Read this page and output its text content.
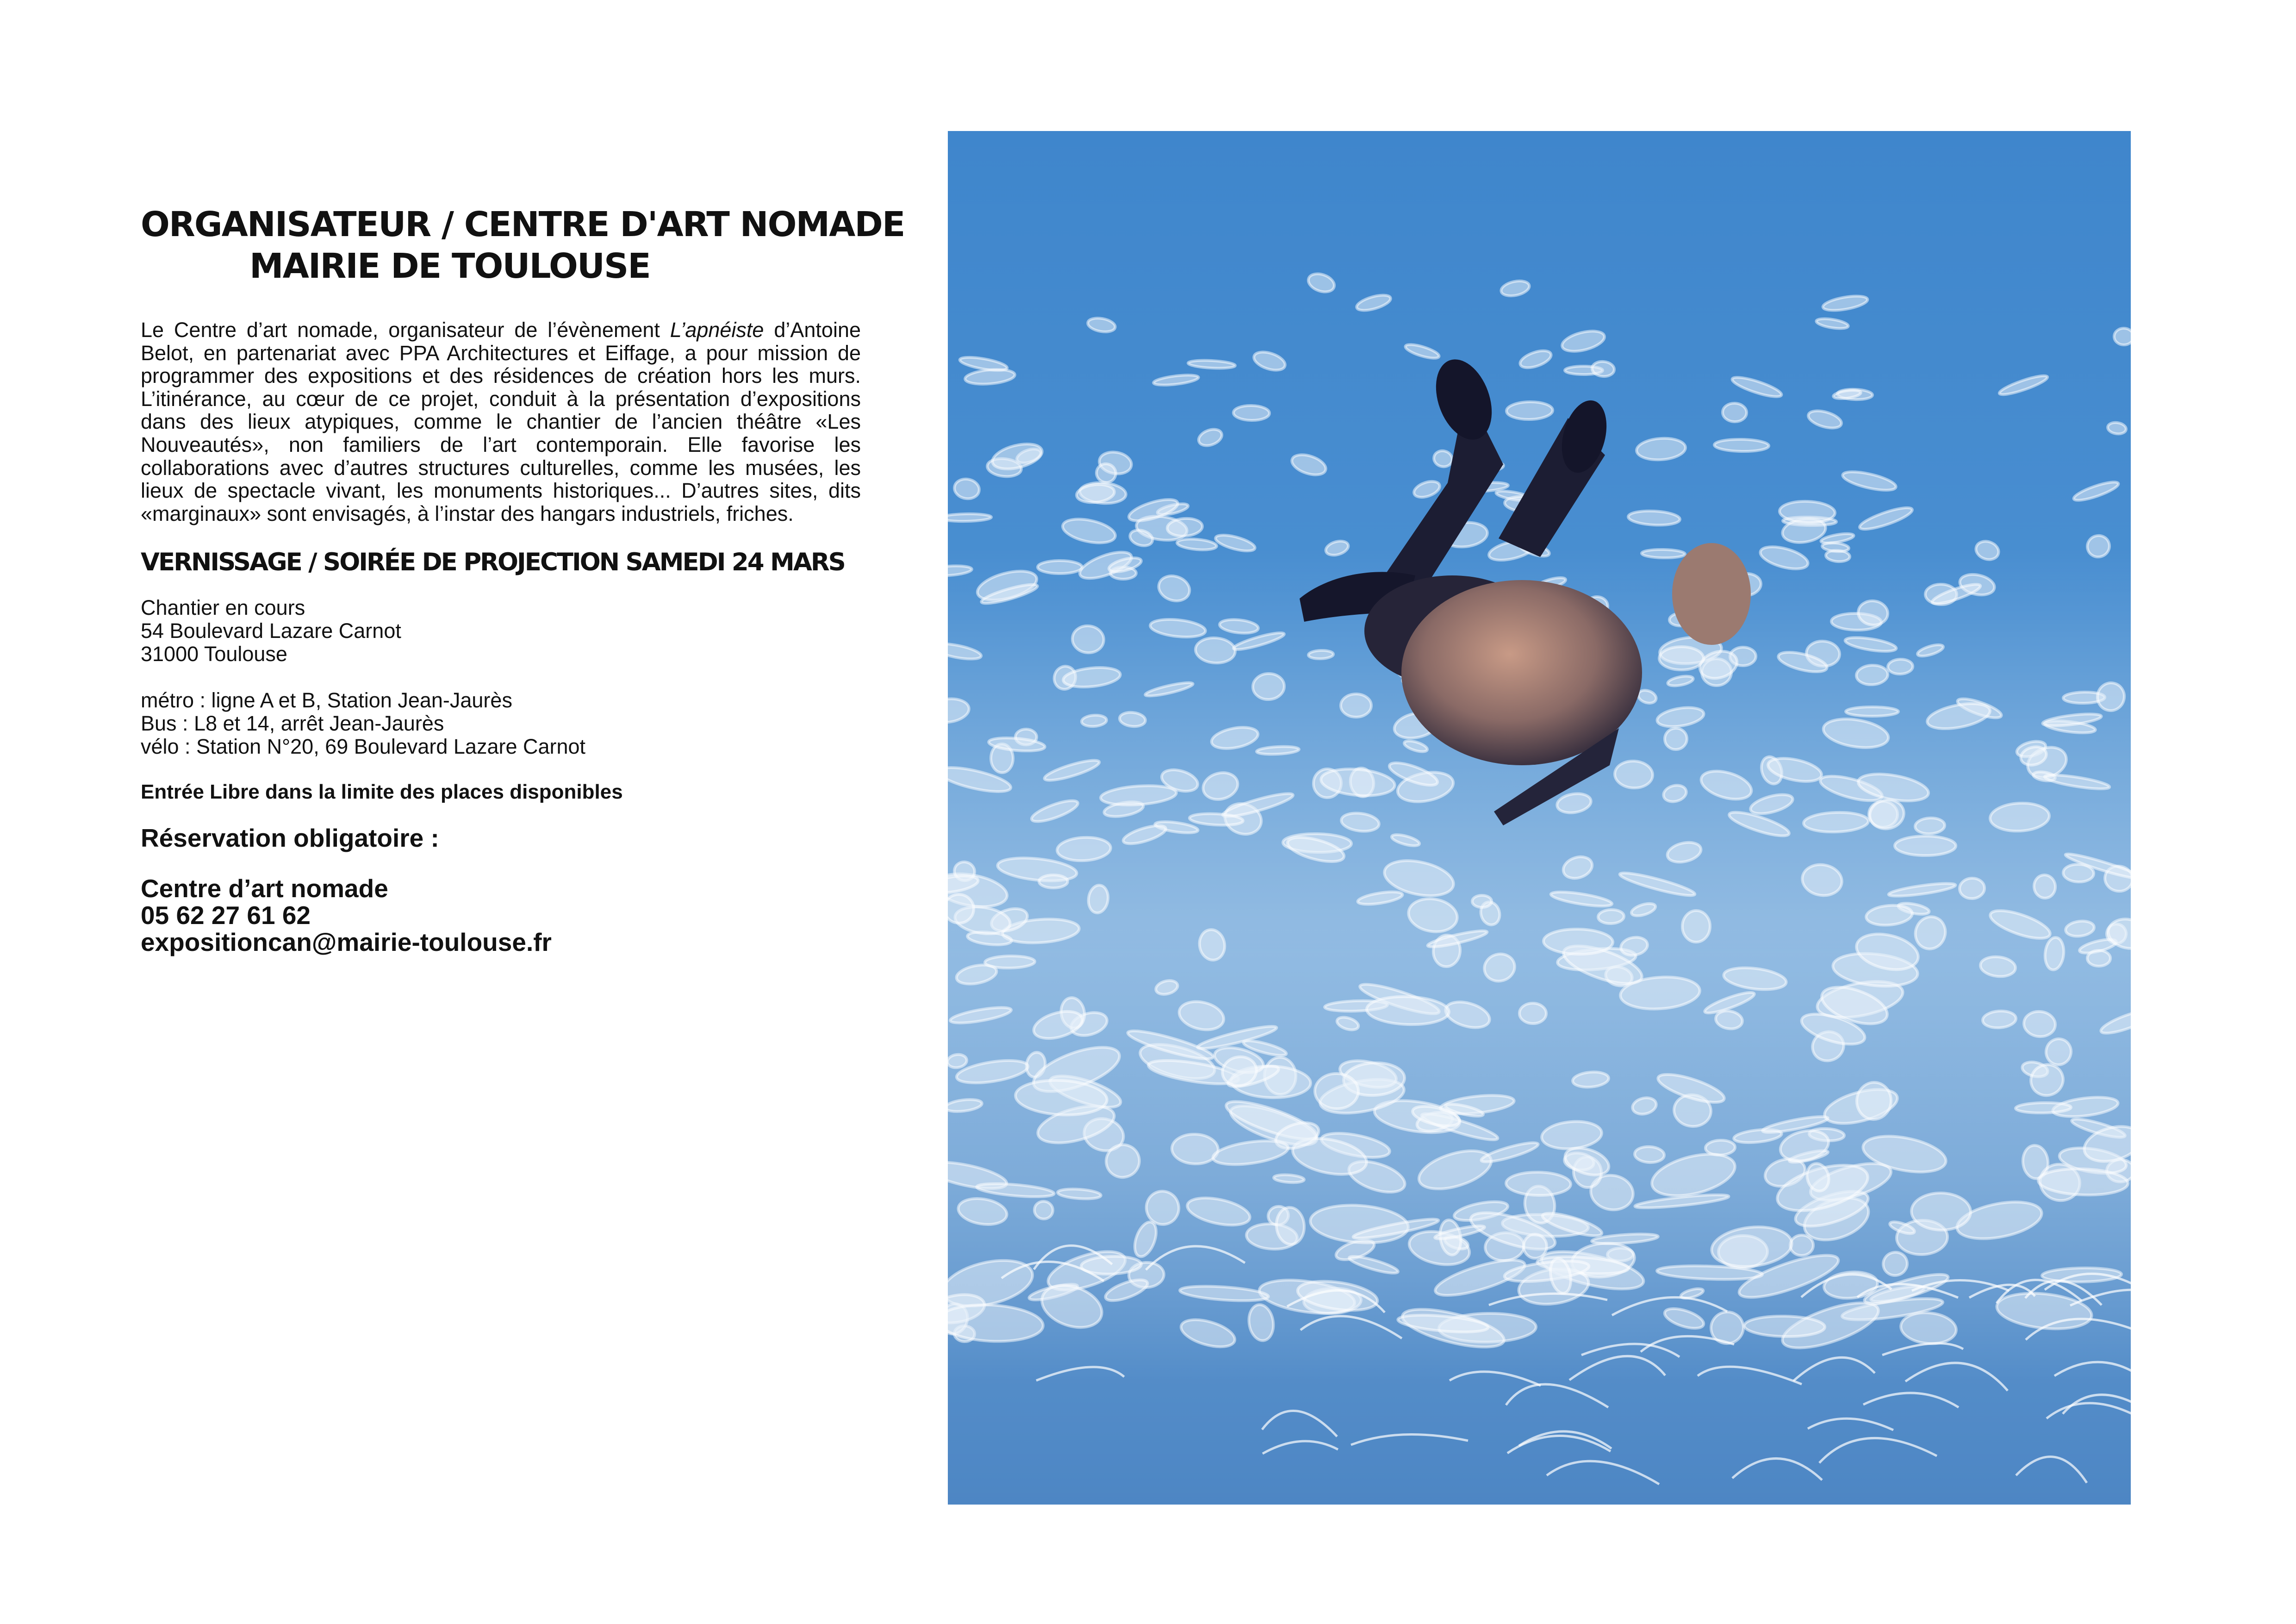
ORGANISATEUR / CENTRE D'ART NOMADE
MAIRIE DE TOULOUSE

Le Centre d’art nomade, organisateur de l’évènement L’apnéiste d’Antoine Belot, en partenariat avec PPA Architectures et Eiffage, a pour mission de programmer des expositions et des résidences de création hors les murs. L’itinérance, au cœur de ce projet, conduit à la présentation d’expositions dans des lieux atypiques, comme le chantier de l’ancien théâtre «Les Nouveautés», non familiers de l’art contemporain. Elle favorise les collaborations avec d’autres structures culturelles, comme les musées, les lieux de spectacle vivant, les monuments historiques... D’autres sites, dits «marginaux» sont envisagés, à l’instar des hangars industriels, friches.

VERNISSAGE / SOIRÉE DE PROJECTION SAMEDI 24 MARS
Chantier en cours
54 Boulevard Lazare Carnot
31000 Toulouse
métro : ligne A et B, Station Jean-Jaurès
Bus : L8 et 14, arrêt Jean-Jaurès
vélo : Station N°20, 69 Boulevard Lazare Carnot

Entrée Libre dans la limite des places disponibles

Réservation obligatoire :

Centre d’art nomade
05 62 27 61 62
expositioncan@mairie-toulouse.fr
